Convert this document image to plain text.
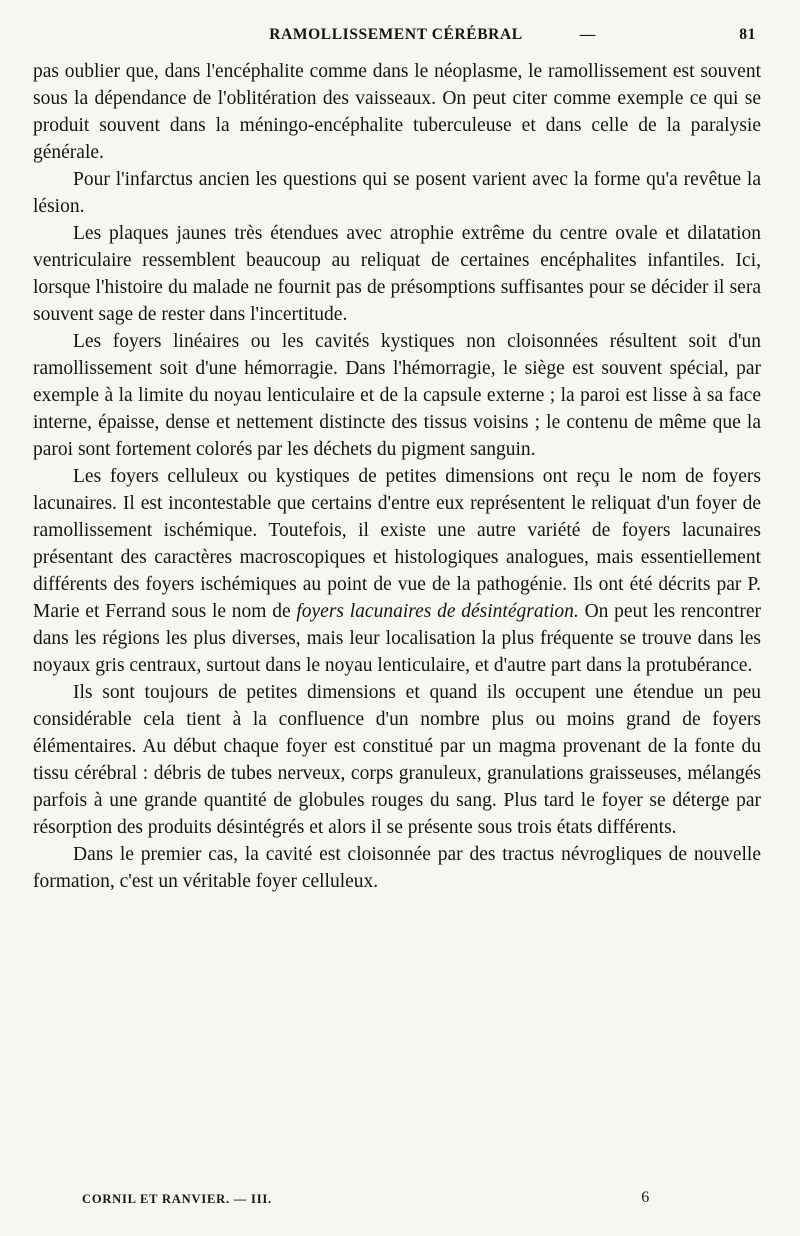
RAMOLLISSEMENT CÉRÉBRAL	—	81

pas oublier que, dans l'encéphalite comme dans le néoplasme, le ramollissement est souvent sous la dépendance de l'oblitération des vaisseaux. On peut citer comme exemple ce qui se produit souvent dans la méningo-encéphalite tuberculeuse et dans celle de la paralysie générale.

Pour l'infarctus ancien les questions qui se posent varient avec la forme qu'a revêtue la lésion.

Les plaques jaunes très étendues avec atrophie extrême du centre ovale et dilatation ventriculaire ressemblent beaucoup au reliquat de certaines encéphalites infantiles. Ici, lorsque l'histoire du malade ne fournit pas de présomptions suffisantes pour se décider il sera souvent sage de rester dans l'incertitude.

Les foyers linéaires ou les cavités kystiques non cloisonnées résultent soit d'un ramollissement soit d'une hémorragie. Dans l'hémorragie, le siège est souvent spécial, par exemple à la limite du noyau lenticulaire et de la capsule externe ; la paroi est lisse à sa face interne, épaisse, dense et nettement distincte des tissus voisins ; le contenu de même que la paroi sont fortement colorés par les déchets du pigment sanguin.

Les foyers celluleux ou kystiques de petites dimensions ont reçu le nom de foyers lacunaires. Il est incontestable que certains d'entre eux représentent le reliquat d'un foyer de ramollissement ischémique. Toutefois, il existe une autre variété de foyers lacunaires présentant des caractères macroscopiques et histologiques analogues, mais essentiellement différents des foyers ischémiques au point de vue de la pathogénie. Ils ont été décrits par P. Marie et Ferrand sous le nom de foyers lacunaires de désintégration. On peut les rencontrer dans les régions les plus diverses, mais leur localisation la plus fréquente se trouve dans les noyaux gris centraux, surtout dans le noyau lenticulaire, et d'autre part dans la protubérance.

Ils sont toujours de petites dimensions et quand ils occupent une étendue un peu considérable cela tient à la confluence d'un nombre plus ou moins grand de foyers élémentaires. Au début chaque foyer est constitué par un magma provenant de la fonte du tissu cérébral : débris de tubes nerveux, corps granuleux, granulations graisseuses, mélangés parfois à une grande quantité de globules rouges du sang. Plus tard le foyer se déterge par résorption des produits désintégrés et alors il se présente sous trois états différents.

Dans le premier cas, la cavité est cloisonnée par des tractus névrogliques de nouvelle formation, c'est un véritable foyer celluleux.

CORNIL ET RANVIER. — III.	6
